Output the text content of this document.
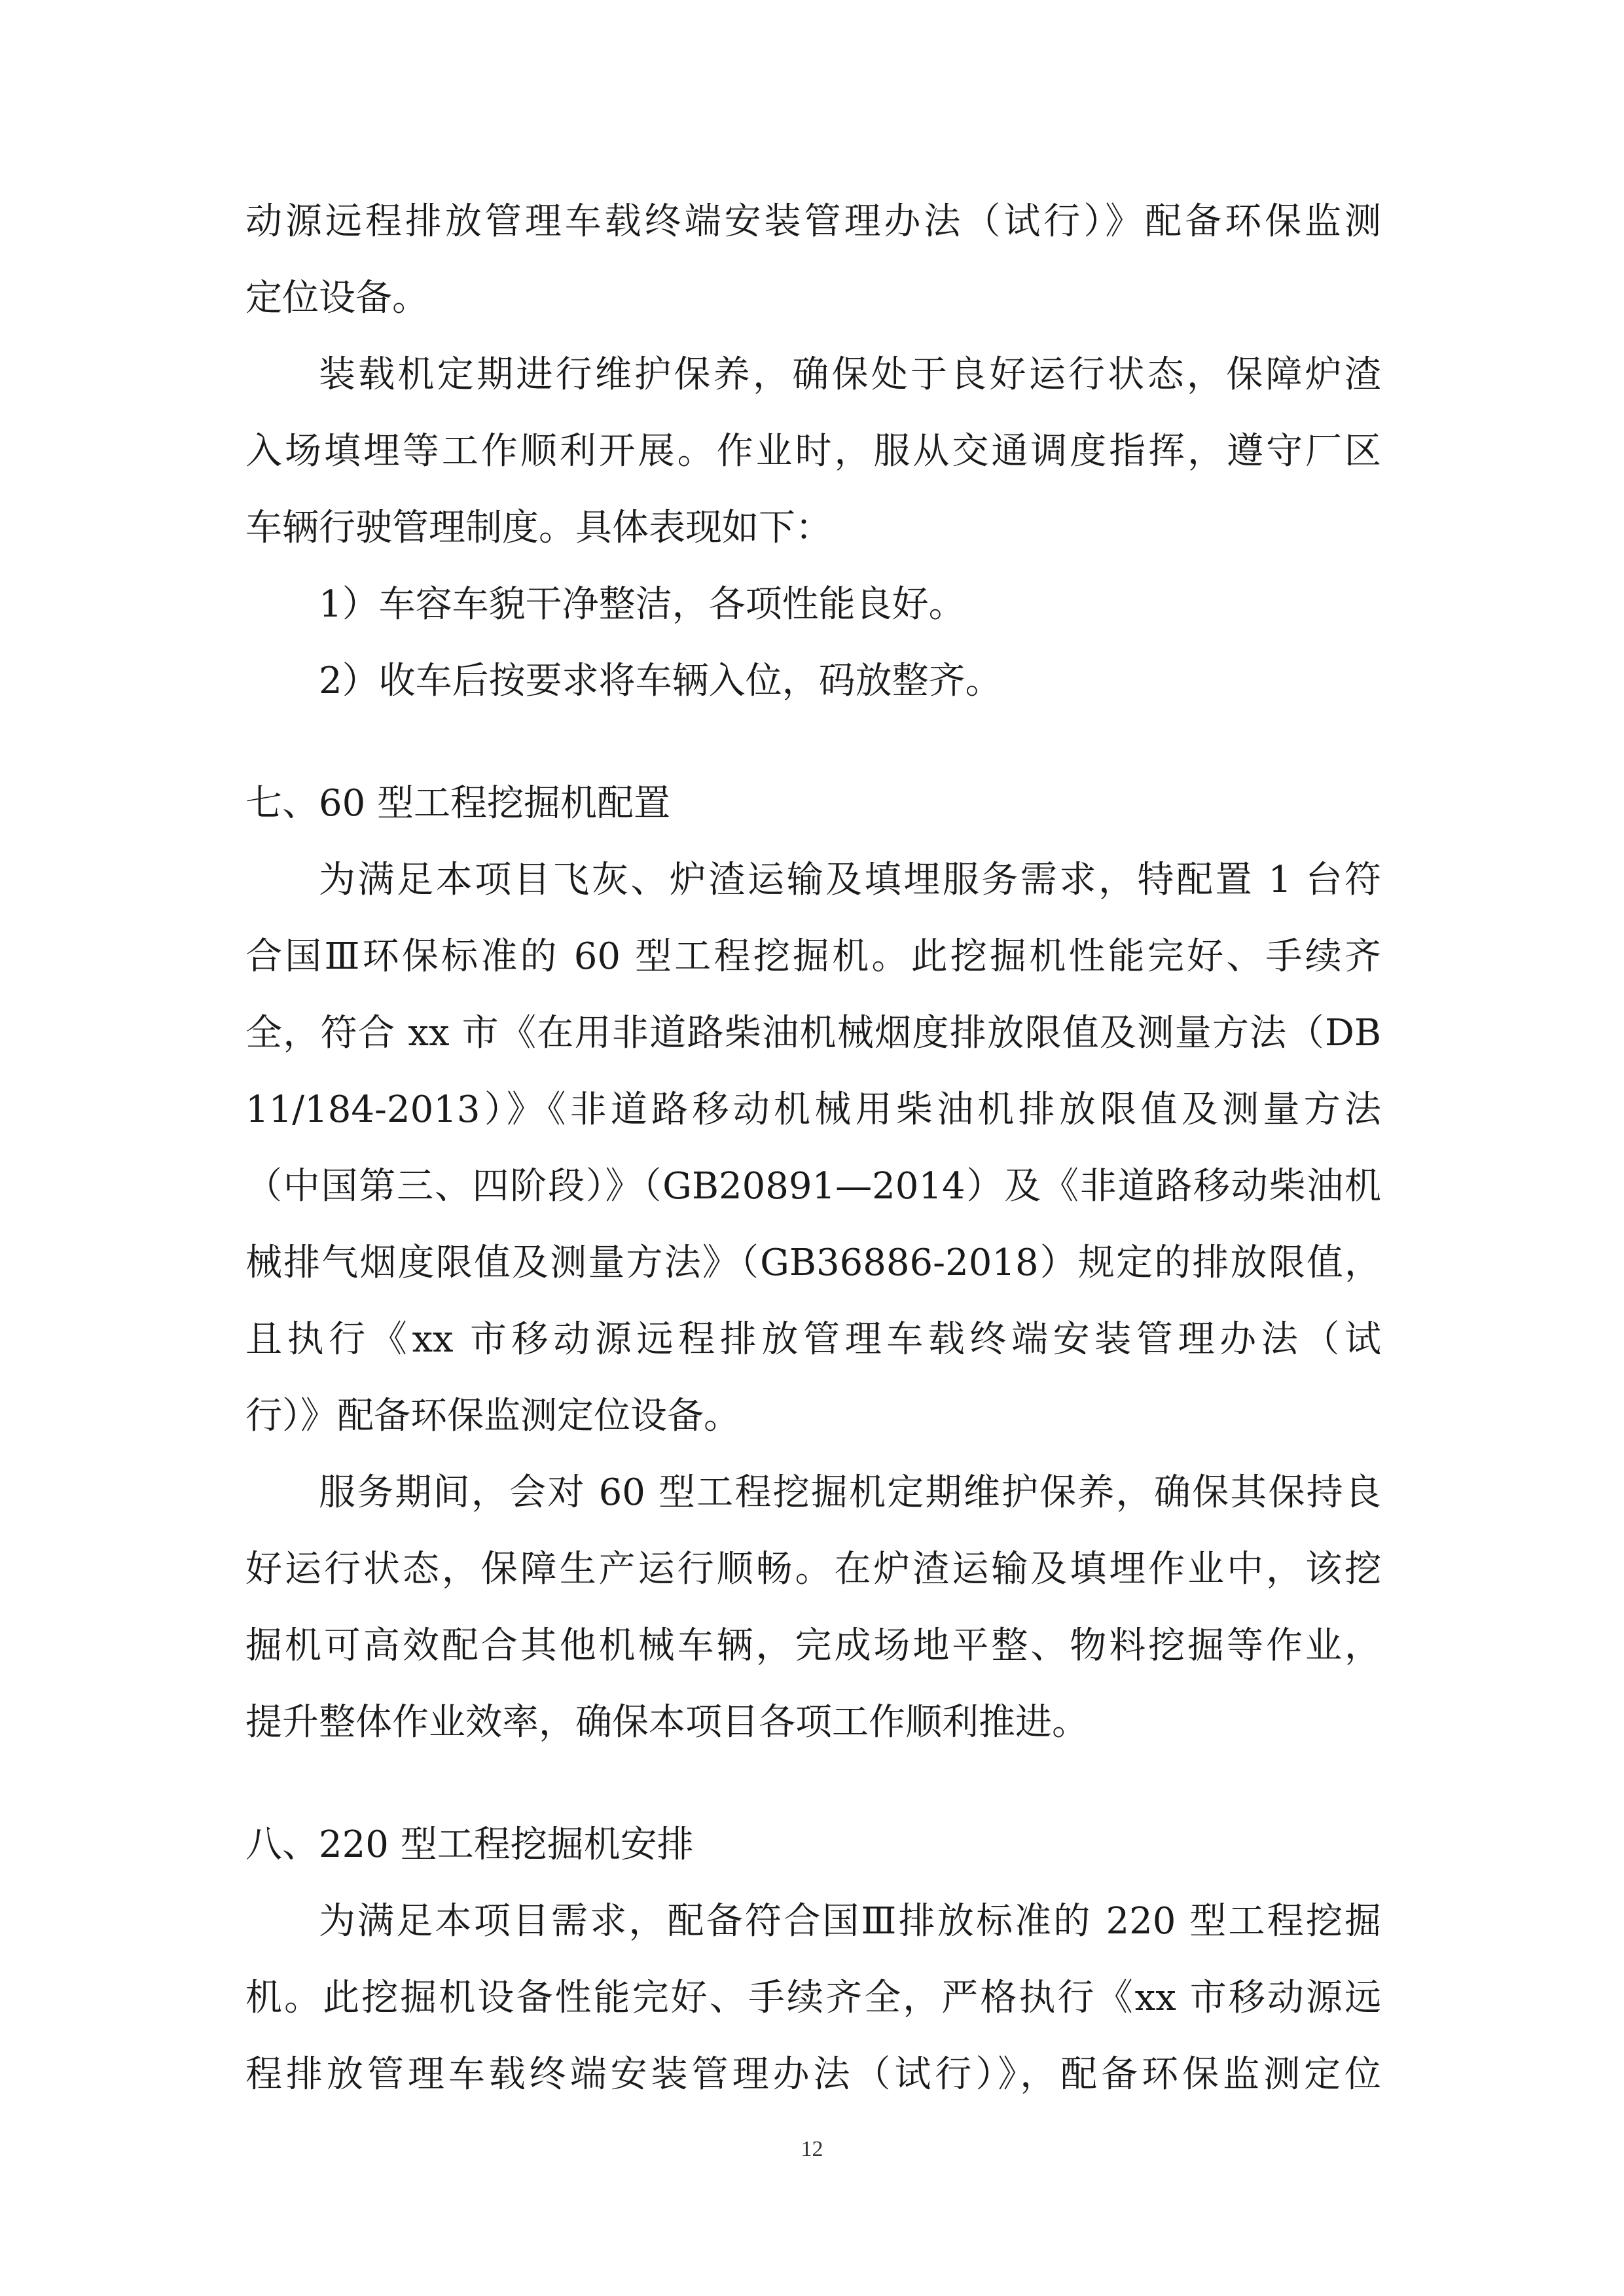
动源远程排放管理车载终端安装管理办法（试行）》配备环保监测
定位设备。
装载机定期进行维护保养，确保处于良好运行状态，保障炉渣
入场填埋等工作顺利开展。作业时，服从交通调度指挥，遵守厂区
车辆行驶管理制度。具体表现如下：
1）车容车貌干净整洁，各项性能良好。
2）收车后按要求将车辆入位，码放整齐。
七、60 型工程挖掘机配置
为满足本项目飞灰、炉渣运输及填埋服务需求，特配置 1 台符
合国Ⅲ环保标准的 60 型工程挖掘机。此挖掘机性能完好、手续齐
全，符合 xx 市《在用非道路柴油机械烟度排放限值及测量方法（DB
11/184-2013）》《非道路移动机械用柴油机排放限值及测量方法
（中国第三、四阶段）》（GB20891—2014）及《非道路移动柴油机
械排气烟度限值及测量方法》（GB36886-2018）规定的排放限值，
且执行《xx 市移动源远程排放管理车载终端安装管理办法（试
行）》配备环保监测定位设备。
服务期间，会对 60 型工程挖掘机定期维护保养，确保其保持良
好运行状态，保障生产运行顺畅。在炉渣运输及填埋作业中，该挖
掘机可高效配合其他机械车辆，完成场地平整、物料挖掘等作业，
提升整体作业效率，确保本项目各项工作顺利推进。
八、220 型工程挖掘机安排
为满足本项目需求，配备符合国Ⅲ排放标准的 220 型工程挖掘
机。此挖掘机设备性能完好、手续齐全，严格执行《xx 市移动源远
程排放管理车载终端安装管理办法（试行）》，配备环保监测定位
12
